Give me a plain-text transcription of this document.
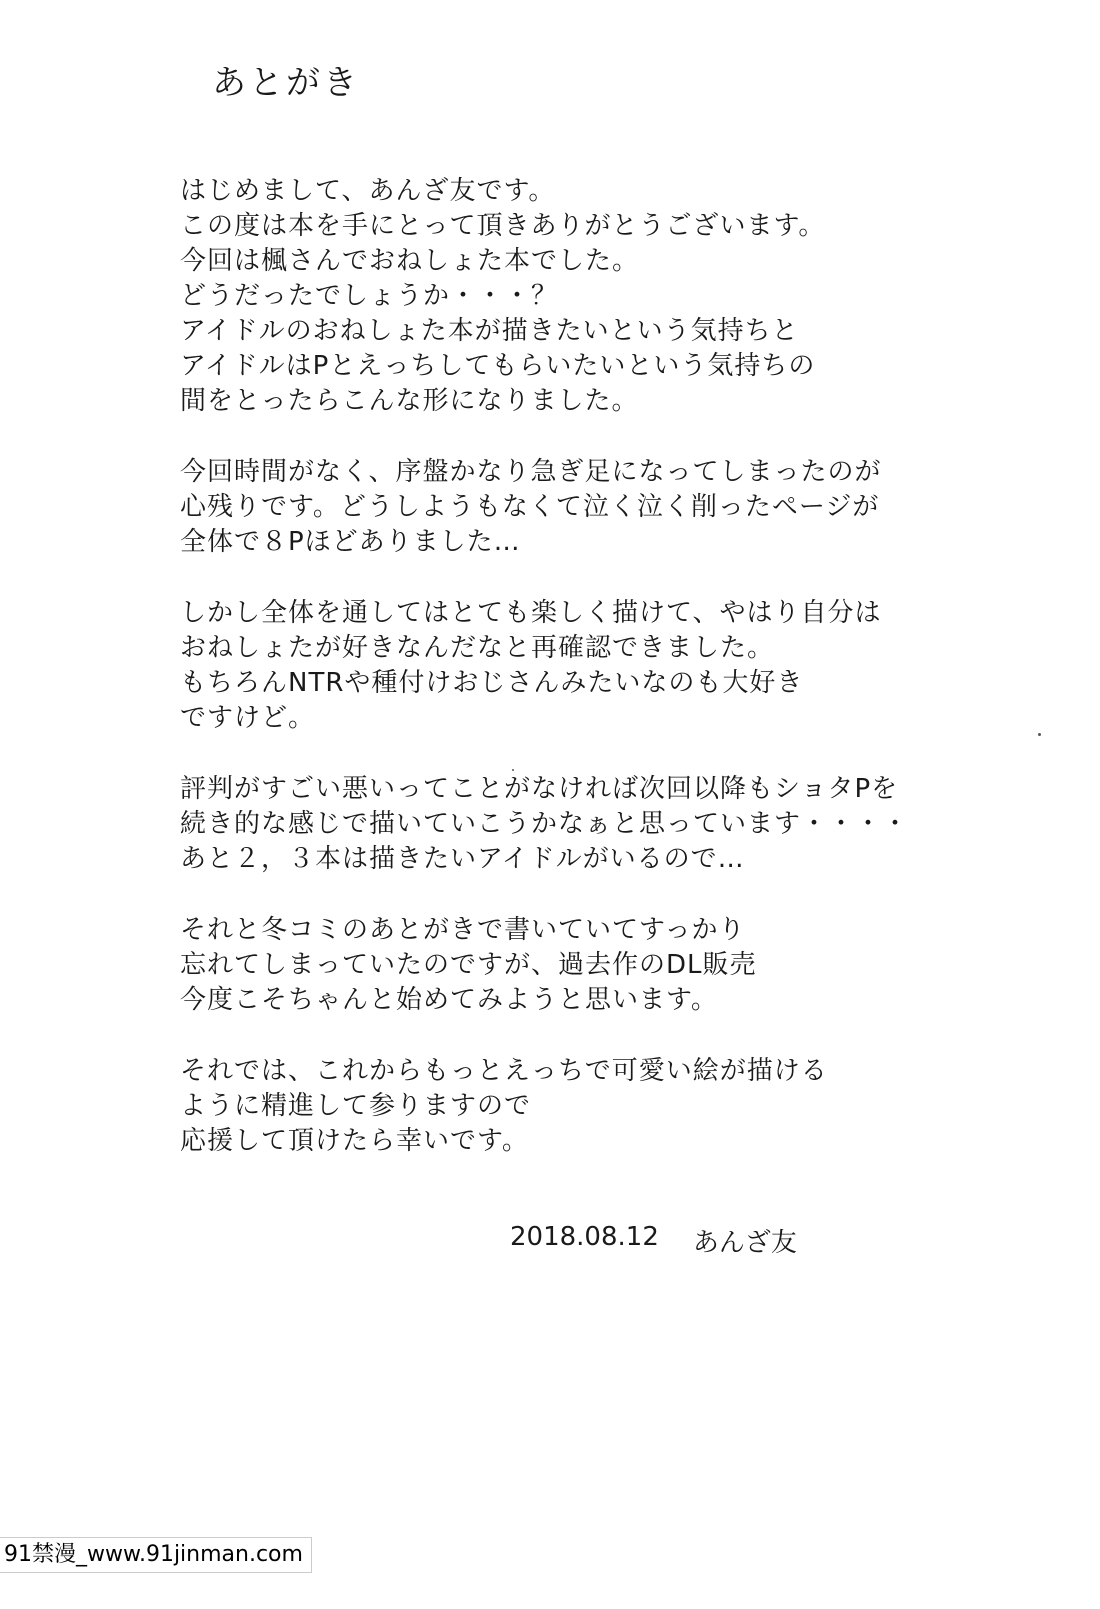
あとがき
はじめまして、あんざ友です。
この度は本を手にとって頂きありがとうございます。
今回は楓さんでおねしょた本でした。
どうだったでしょうか・・・？
アイドルのおねしょた本が描きたいという気持ちと
アイドルはPとえっちしてもらいたいという気持ちの
間をとったらこんな形になりました。
今回時間がなく、序盤かなり急ぎ足になってしまったのが
心残りです。どうしようもなくて泣く泣く削ったページが
全体で８Pほどありました…
しかし全体を通してはとても楽しく描けて、やはり自分は
おねしょたが好きなんだなと再確認できました。
もちろんNTRや種付けおじさんみたいなのも大好き
ですけど。
評判がすごい悪いってことがなければ次回以降もショタPを
続き的な感じで描いていこうかなぁと思っています・・・・
あと２，３本は描きたいアイドルがいるので…
それと冬コミのあとがきで書いていてすっかり
忘れてしまっていたのですが、過去作のDL販売
今度こそちゃんと始めてみようと思います。
それでは、これからもっとえっちで可愛い絵が描ける
ように精進して参りますので
応援して頂けたら幸いです。
2018.08.12 あんざ友
91禁漫_www.91jinman.com
